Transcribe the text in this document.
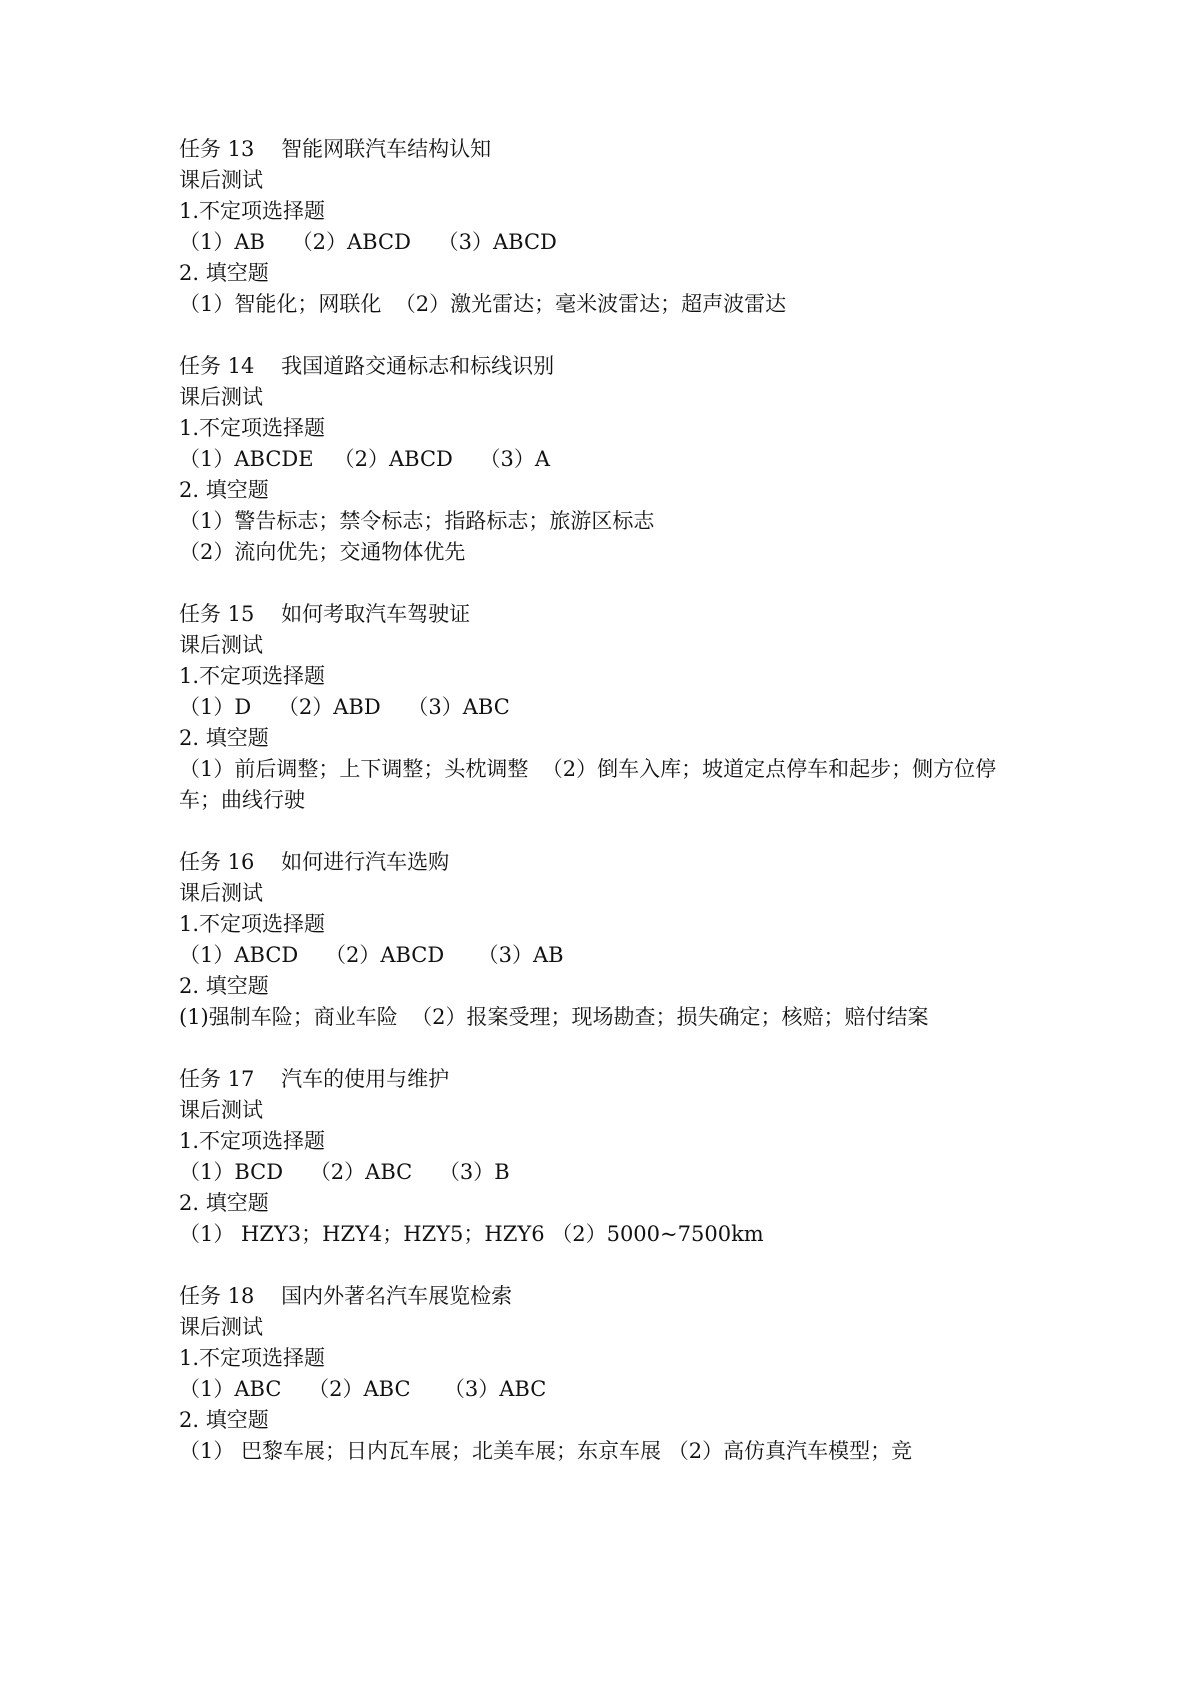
任务 13    智能网联汽车结构认知
课后测试
1.不定项选择题
（1）AB    （2）ABCD    （3）ABCD
2. 填空题
（1）智能化；网联化  （2）激光雷达；毫米波雷达；超声波雷达
任务 14    我国道路交通标志和标线识别
课后测试
1.不定项选择题
（1）ABCDE   （2）ABCD    （3）A
2. 填空题
（1）警告标志；禁令标志；指路标志；旅游区标志
（2）流向优先；交通物体优先
任务 15    如何考取汽车驾驶证
课后测试
1.不定项选择题
（1）D    （2）ABD    （3）ABC
2. 填空题
（1）前后调整；上下调整；头枕调整  （2）倒车入库；坡道定点停车和起步；侧方位停车；曲线行驶
任务 16    如何进行汽车选购
课后测试
1.不定项选择题
（1）ABCD    （2）ABCD     （3）AB
2. 填空题
(1)强制车险；商业车险  （2）报案受理；现场勘查；损失确定；核赔；赔付结案
任务 17    汽车的使用与维护
课后测试
1.不定项选择题
（1）BCD    （2）ABC    （3）B
2. 填空题
（1） HZY3；HZY4；HZY5；HZY6 （2）5000~7500km
任务 18    国内外著名汽车展览检索
课后测试
1.不定项选择题
（1）ABC    （2）ABC     （3）ABC
2. 填空题
（1） 巴黎车展；日内瓦车展；北美车展；东京车展 （2）高仿真汽车模型；竞
